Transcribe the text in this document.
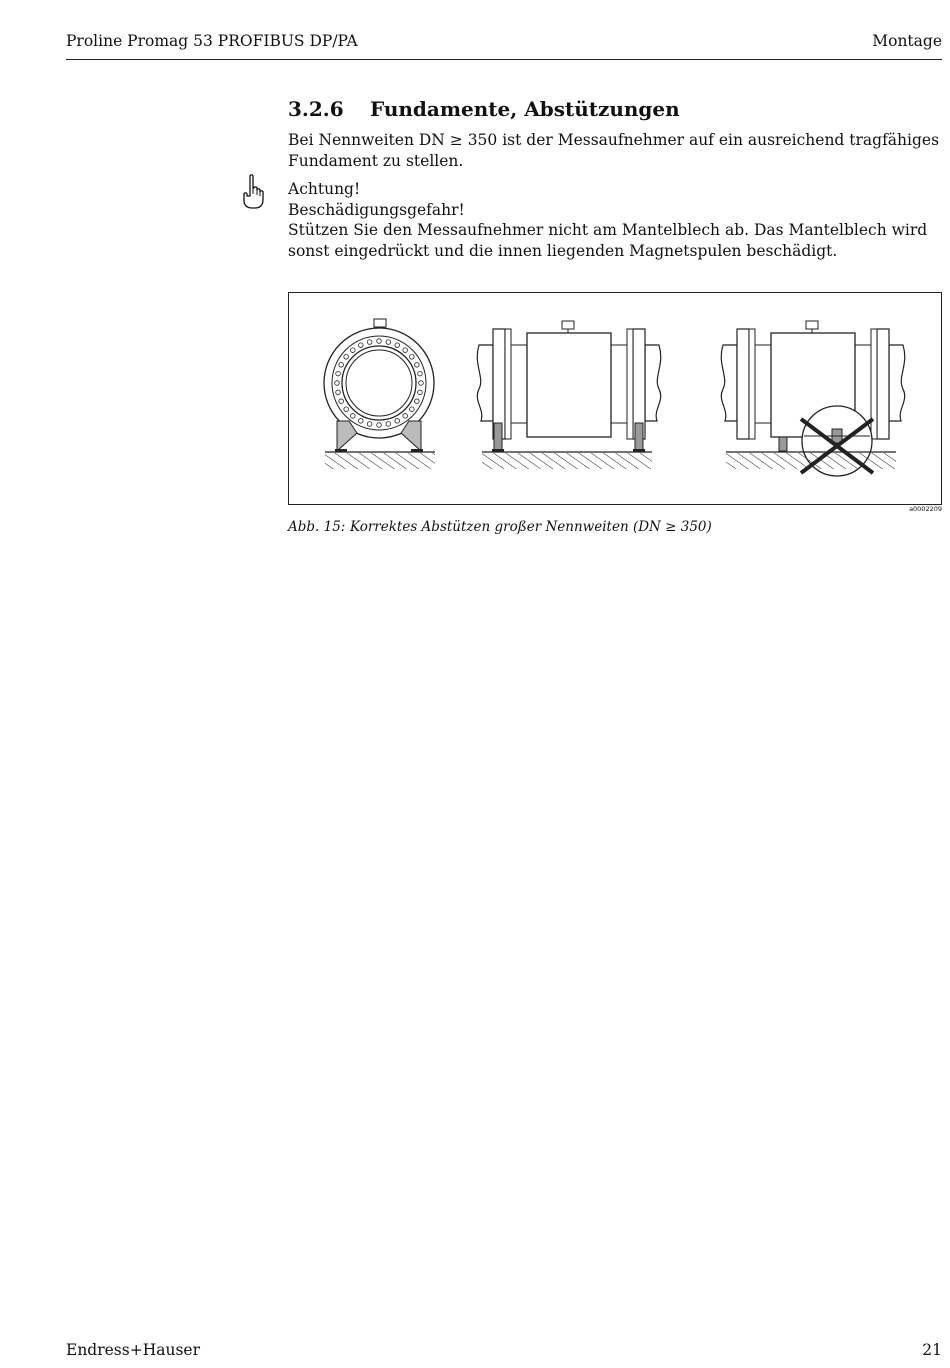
Proline Promag 53 PROFIBUS DP/PA	Montage
3.2.6 Fundamente, Abstützungen
Bei Nennweiten DN ≥ 350 ist der Messaufnehmer auf ein ausreichend tragfähiges Fundament zu stellen.
Achtung!
Beschädigungsgefahr!
Stützen Sie den Messaufnehmer nicht am Mantelblech ab. Das Mantelblech wird sonst eingedrückt und die innen liegenden Magnetspulen beschädigt.
a0002209
Abb. 15: Korrektes Abstützen großer Nennweiten (DN ≥ 350)
Endress+Hauser	21
